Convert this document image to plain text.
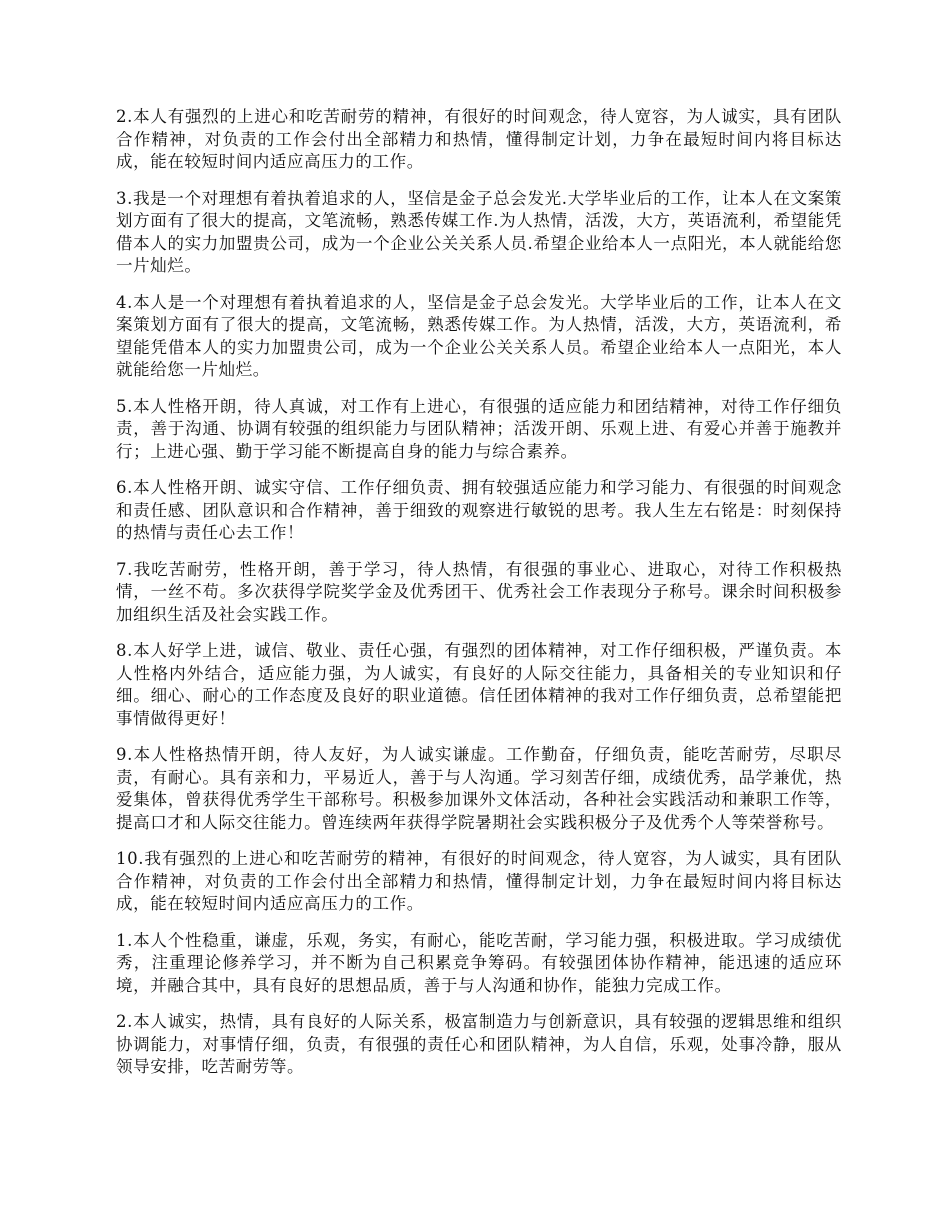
2.本人有强烈的上进心和吃苦耐劳的精神，有很好的时间观念，待人宽容，为人诚实，具有团队合作精神，对负责的工作会付出全部精力和热情，懂得制定计划，力争在最短时间内将目标达成，能在较短时间内适应高压力的工作。

3.我是一个对理想有着执着追求的人，坚信是金子总会发光.大学毕业后的工作，让本人在文案策划方面有了很大的提高，文笔流畅，熟悉传媒工作.为人热情，活泼，大方，英语流利，希望能凭借本人的实力加盟贵公司，成为一个企业公关关系人员.希望企业给本人一点阳光，本人就能给您一片灿烂。

4.本人是一个对理想有着执着追求的人，坚信是金子总会发光。大学毕业后的工作，让本人在文案策划方面有了很大的提高，文笔流畅，熟悉传媒工作。为人热情，活泼，大方，英语流利，希望能凭借本人的实力加盟贵公司，成为一个企业公关关系人员。希望企业给本人一点阳光，本人就能给您一片灿烂。

5.本人性格开朗，待人真诚，对工作有上进心，有很强的适应能力和团结精神，对待工作仔细负责，善于沟通、协调有较强的组织能力与团队精神；活泼开朗、乐观上进、有爱心并善于施教并行；上进心强、勤于学习能不断提高自身的能力与综合素养。

6.本人性格开朗、诚实守信、工作仔细负责、拥有较强适应能力和学习能力、有很强的时间观念和责任感、团队意识和合作精神，善于细致的观察进行敏锐的思考。我人生左右铭是：时刻保持的热情与责任心去工作！

7.我吃苦耐劳，性格开朗，善于学习，待人热情，有很强的事业心、进取心，对待工作积极热情，一丝不苟。多次获得学院奖学金及优秀团干、优秀社会工作表现分子称号。课余时间积极参加组织生活及社会实践工作。

8.本人好学上进，诚信、敬业、责任心强，有强烈的团体精神，对工作仔细积极，严谨负责。本人性格内外结合，适应能力强，为人诚实，有良好的人际交往能力，具备相关的专业知识和仔细。细心、耐心的工作态度及良好的职业道德。信任团体精神的我对工作仔细负责，总希望能把事情做得更好！

9.本人性格热情开朗，待人友好，为人诚实谦虚。工作勤奋，仔细负责，能吃苦耐劳，尽职尽责，有耐心。具有亲和力，平易近人，善于与人沟通。学习刻苦仔细，成绩优秀，品学兼优，热爱集体，曾获得优秀学生干部称号。积极参加课外文体活动，各种社会实践活动和兼职工作等，提高口才和人际交往能力。曾连续两年获得学院暑期社会实践积极分子及优秀个人等荣誉称号。

10.我有强烈的上进心和吃苦耐劳的精神，有很好的时间观念，待人宽容，为人诚实，具有团队合作精神，对负责的工作会付出全部精力和热情，懂得制定计划，力争在最短时间内将目标达成，能在较短时间内适应高压力的工作。

1.本人个性稳重，谦虚，乐观，务实，有耐心，能吃苦耐，学习能力强，积极进取。学习成绩优秀，注重理论修养学习，并不断为自己积累竞争筹码。有较强团体协作精神，能迅速的适应环境，并融合其中，具有良好的思想品质，善于与人沟通和协作，能独力完成工作。

2.本人诚实，热情，具有良好的人际关系，极富制造力与创新意识，具有较强的逻辑思维和组织协调能力，对事情仔细，负责，有很强的责任心和团队精神，为人自信，乐观，处事冷静，服从领导安排，吃苦耐劳等。
